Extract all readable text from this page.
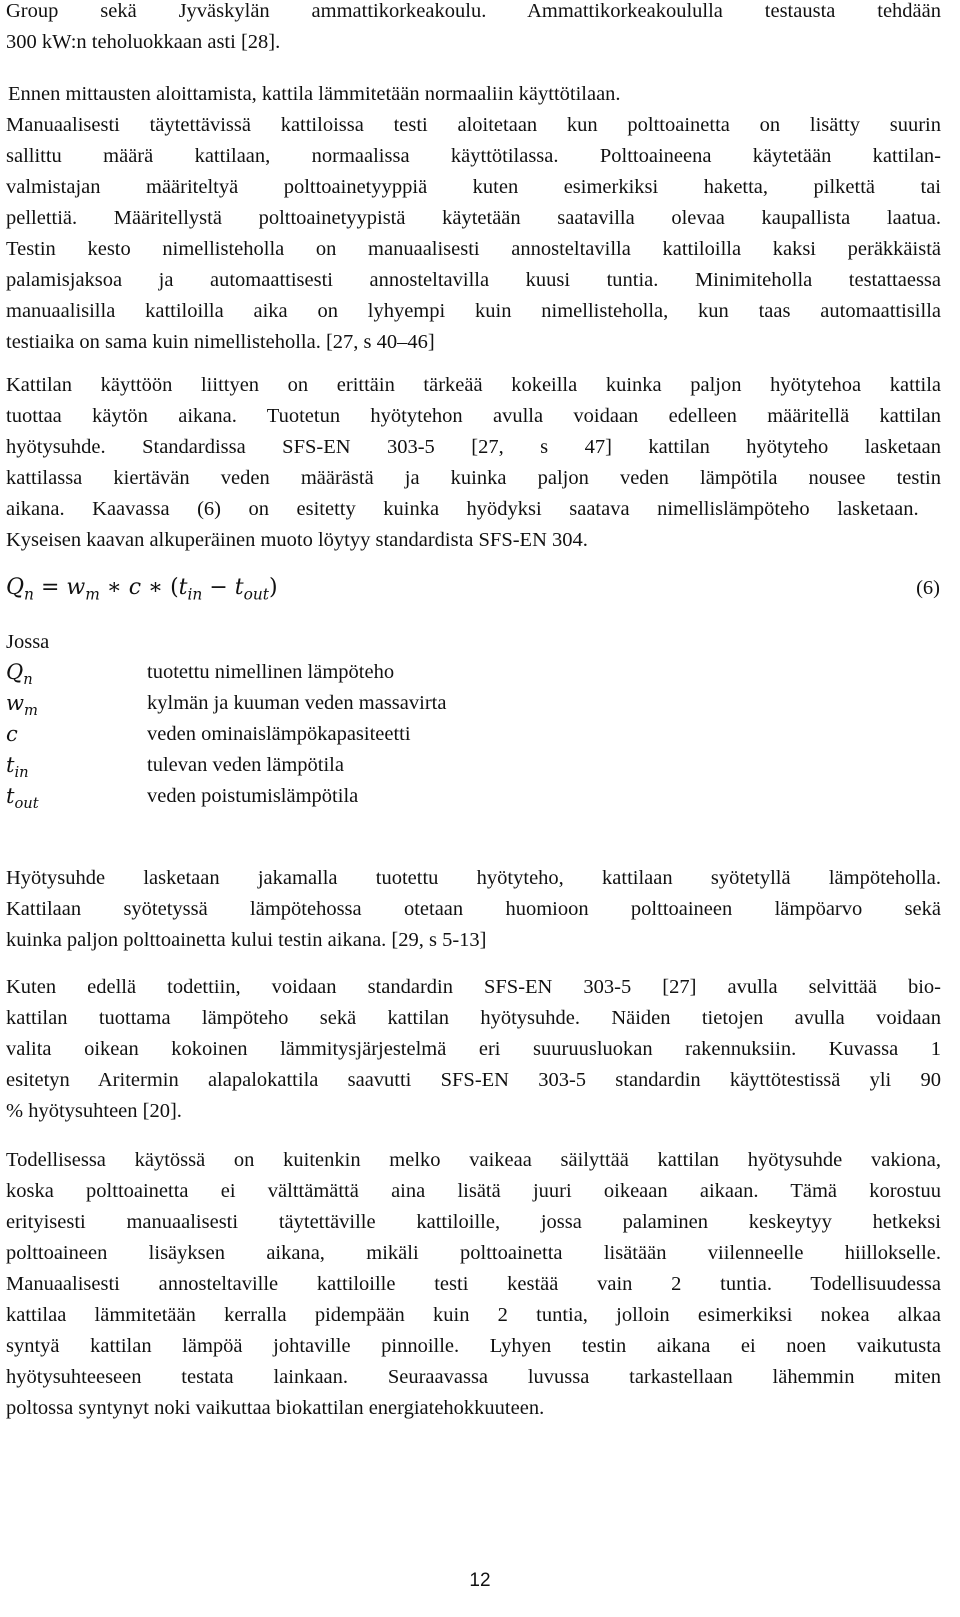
Group sekä Jyväskylän ammattikorkeakoulu. Ammattikorkeakoululla testausta tehdään
300 kW:n teholuokkaan asti [28].
Ennen mittausten aloittamista, kattila lämmitetään normaaliin käyttötilaan.
Manuaalisesti täytettävissä kattiloissa testi aloitetaan kun polttoainetta on lisätty suurin
sallittu määrä kattilaan, normaalissa käyttötilassa. Polttoaineena käytetään kattilan-
valmistajan määriteltyä polttoainetyyppiä kuten esimerkiksi haketta, pilkettä tai
pellettiä. Määritellystä polttoainetyypistä käytetään saatavilla olevaa kaupallista laatua.
Testin kesto nimellisteholla on manuaalisesti annosteltavilla kattiloilla kaksi peräkkäistä
palamisjaksoa ja automaattisesti annosteltavilla kuusi tuntia. Minimiteholla testattaessa
manuaalisilla kattiloilla aika on lyhyempi kuin nimellisteholla, kun taas automaattisilla
testiaika on sama kuin nimellisteholla. [27, s 40–46]
Kattilan käyttöön liittyen on erittäin tärkeää kokeilla kuinka paljon hyötytehoa kattila
tuottaa käytön aikana. Tuotetun hyötytehon avulla voidaan edelleen määritellä kattilan
hyötysuhde. Standardissa SFS-EN 303-5 [27, s 47] kattilan hyötyteho lasketaan
kattilassa kiertävän veden määrästä ja kuinka paljon veden lämpötila nousee testin
aikana. Kaavassa (6) on esitetty kuinka hyödyksi saatava nimellislämpöteho lasketaan.
Kyseisen kaavan alkuperäinen muoto löytyy standardista SFS-EN 304.
$Q_n = w_m$ ∗ c ∗ $(t_{in} - t_{out})$	(6)
Jossa
$Q_n$	tuotettu nimellinen lämpöteho
$w_m$	kylmän ja kuuman veden massavirta
c	veden ominaislämpökapasiteetti
$t_{in}$	tulevan veden lämpötila
$t_{out}$	veden poistumislämpötila
Hyötysuhde lasketaan jakamalla tuotettu hyötyteho, kattilaan syötetyllä lämpöteholla.
Kattilaan syötetyssä lämpötehossa otetaan huomioon polttoaineen lämpöarvo sekä
kuinka paljon polttoainetta kului testin aikana. [29, s 5-13]
Kuten edellä todettiin, voidaan standardin SFS-EN 303-5 [27] avulla selvittää bio-
kattilan tuottama lämpöteho sekä kattilan hyötysuhde. Näiden tietojen avulla voidaan
valita oikean kokoinen lämmitysjärjestelmä eri suuruusluokan rakennuksiin. Kuvassa 1
esitetyn Aritermin alapalokattila saavutti SFS-EN 303-5 standardin käyttötestissä yli 90
% hyötysuhteen [20].
Todellisessa käytössä on kuitenkin melko vaikeaa säilyttää kattilan hyötysuhde vakiona,
koska polttoainetta ei välttämättä aina lisätä juuri oikeaan aikaan. Tämä korostuu
erityisesti manuaalisesti täytettäville kattiloille, jossa palaminen keskeytyy hetkeksi
polttoaineen lisäyksen aikana, mikäli polttoainetta lisätään viilenneelle hiillokselle.
Manuaalisesti annosteltaville kattiloille testi kestää vain 2 tuntia. Todellisuudessa
kattilaa lämmitetään kerralla pidempään kuin 2 tuntia, jolloin esimerkiksi nokea alkaa
syntyä kattilan lämpöä johtaville pinnoille. Lyhyen testin aikana ei noen vaikutusta
hyötysuhteeseen testata lainkaan. Seuraavassa luvussa tarkastellaan lähemmin miten
poltossa syntynyt noki vaikuttaa biokattilan energiatehokkuuteen.
12
